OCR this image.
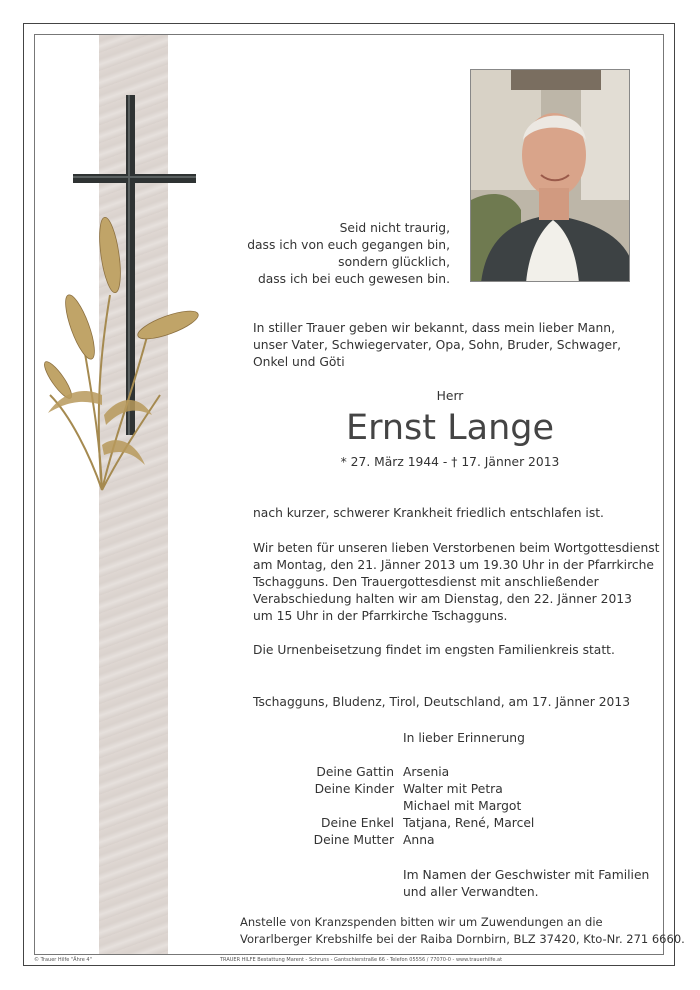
Seid nicht traurig,
dass ich von euch gegangen bin,
sondern glücklich,
dass ich bei euch gewesen bin.
In stiller Trauer geben wir bekannt, dass mein lieber Mann, unser Vater, Schwiegervater, Opa, Sohn, Bruder, Schwager, Onkel und Göti
Herr
Ernst Lange
* 27. März 1944 - † 17. Jänner 2013
nach kurzer, schwerer Krankheit friedlich entschlafen ist.
Wir beten für unseren lieben Verstorbenen beim Wortgottesdienst
am Montag, den 21. Jänner 2013 um 19.30 Uhr in der Pfarrkirche
Tschagguns. Den Trauergottesdienst mit anschließender
Verabschiedung halten wir am Dienstag, den 22. Jänner 2013
um 15 Uhr in der Pfarrkirche Tschagguns.
Die Urnenbeisetzung findet im engsten Familienkreis statt.
Tschagguns, Bludenz, Tirol, Deutschland, am 17. Jänner 2013
In lieber Erinnerung
Deine Gattin
Deine Kinder
Deine Enkel
Deine Mutter
Arsenia
Walter mit Petra
Michael mit Margot
Tatjana, René, Marcel
Anna
Im Namen der Geschwister mit Familien
und aller Verwandten.
Anstelle von Kranzspenden bitten wir um Zuwendungen an die
Vorarlberger Krebshilfe bei der Raiba Dornbirn, BLZ 37420, Kto-Nr. 271 6660.
© Trauer Hilfe "Ähre 4"	TRAUER HILFE Bestattung Marent - Schruns - Gantschierstraße 66 - Telefon 05556 / 77070-0 - www.trauerhilfe.at
